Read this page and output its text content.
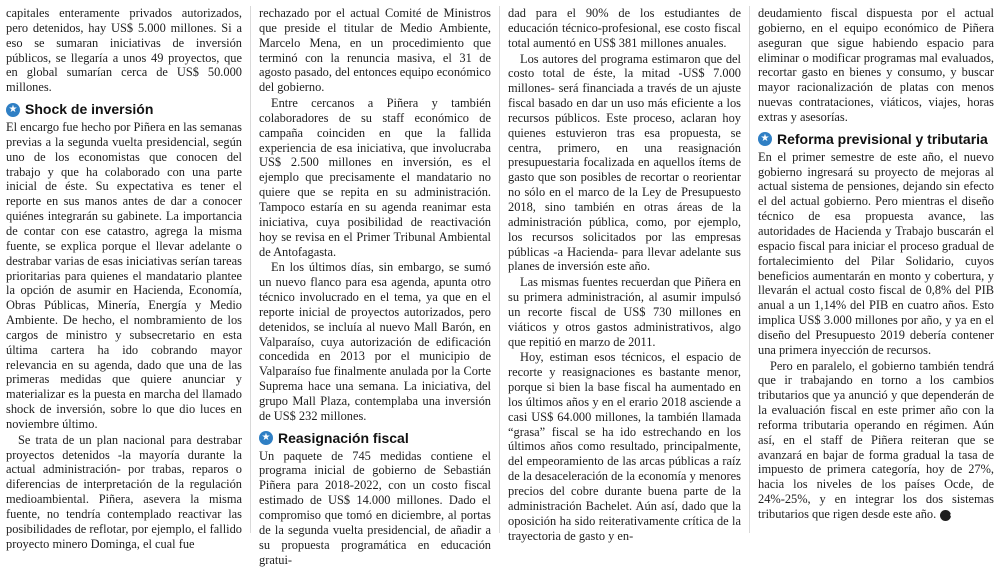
capitales enteramente privados autorizados, pero detenidos, hay US$ 5.000 millones. Si a eso se sumaran iniciativas de inversión públicos, se llegaría a unos 49 proyectos, que en global sumarían cerca de US$ 50.000 millones.

★ Shock de inversión

El encargo fue hecho por Piñera en las semanas previas a la segunda vuelta presidencial, según uno de los economistas que conocen del trabajo y que ha colaborado con una parte inicial de éste. Su expectativa es tener el reporte en sus manos antes de dar a conocer quiénes integrarán su gabinete. La importancia de contar con ese catastro, agrega la misma fuente, se explica porque el llevar adelante o destrabar varias de esas iniciativas serían tareas prioritarias para quienes el mandatario plantee la opción de asumir en Hacienda, Economía, Obras Públicas, Minería, Energía y Medio Ambiente. De hecho, el nombramiento de los cargos de ministro y subsecretario en esta última cartera ha ido cobrando mayor relevancia en su agenda, dado que una de las primeras medidas que quiere anunciar y materializar es la puesta en marcha del llamado shock de inversión, sobre lo que dio luces en noviembre último.

Se trata de un plan nacional para destrabar proyectos detenidos -la mayoría durante la actual administración- por trabas, reparos o diferencias de interpretación de la regulación medioambiental. Piñera, asevera la misma fuente, no tendría contemplado reactivar las posibilidades de reflotar, por ejemplo, el fallido proyecto minero Dominga, el cual fue

rechazado por el actual Comité de Ministros que preside el titular de Medio Ambiente, Marcelo Mena, en un procedimiento que terminó con la renuncia masiva, el 31 de agosto pasado, del entonces equipo económico del gobierno.

Entre cercanos a Piñera y también colaboradores de su staff económico de campaña coinciden en que la fallida experiencia de esa iniciativa, que involucraba US$ 2.500 millones en inversión, es el ejemplo que precisamente el mandatario no quiere que se repita en su administración. Tampoco estaría en su agenda reanimar esta iniciativa, cuya posibilidad de reactivación hoy se revisa en el Primer Tribunal Ambiental de Antofagasta.

En los últimos días, sin embargo, se sumó un nuevo flanco para esa agenda, apunta otro técnico involucrado en el tema, ya que en el reporte inicial de proyectos autorizados, pero detenidos, se incluía al nuevo Mall Barón, en Valparaíso, cuya autorización de edificación concedida en 2013 por el municipio de Valparaíso fue finalmente anulada por la Corte Suprema hace una semana. La iniciativa, del grupo Mall Plaza, contemplaba una inversión de US$ 232 millones.

★ Reasignación fiscal

Un paquete de 745 medidas contiene el programa inicial de gobierno de Sebastián Piñera para 2018-2022, con un costo fiscal estimado de US$ 14.000 millones. Dado el compromiso que tomó en diciembre, al portas de la segunda vuelta presidencial, de añadir a su propuesta programática en educación gratui-

dad para el 90% de los estudiantes de educación técnico-profesional, ese costo fiscal total aumentó en US$ 381 millones anuales.

Los autores del programa estimaron que del costo total de éste, la mitad -US$ 7.000 millones- será financiada a través de un ajuste fiscal basado en dar un uso más eficiente a los recursos públicos. Este proceso, aclaran hoy quienes estuvieron tras esa propuesta, se centra, primero, en una reasignación presupuestaria focalizada en aquellos ítems de gasto que son posibles de recortar o reorientar no sólo en el marco de la Ley de Presupuesto 2018, sino también en otras áreas de la administración pública, como, por ejemplo, los recursos solicitados por las empresas públicas -a Hacienda- para llevar adelante sus planes de inversión este año.

Las mismas fuentes recuerdan que Piñera en su primera administración, al asumir impulsó un recorte fiscal de US$ 730 millones en viáticos y otros gastos administrativos, algo que repitió en marzo de 2011.

Hoy, estiman esos técnicos, el espacio de recorte y reasignaciones es bastante menor, porque si bien la base fiscal ha aumentado en los últimos años y en el erario 2018 asciende a casi US$ 64.000 millones, la también llamada “grasa” fiscal se ha ido estrechando en los últimos años como resultado, principalmente, del empeoramiento de las arcas públicas a raíz de la desaceleración de la economía y menores precios del cobre durante buena parte de la administración Bachelet. Aún así, dado que la oposición ha sido reiterativamente crítica de la trayectoria de gasto y en-

deudamiento fiscal dispuesta por el actual gobierno, en el equipo económico de Piñera aseguran que sigue habiendo espacio para eliminar o modificar programas mal evaluados, recortar gasto en bienes y consumo, y buscar mayor racionalización de platas con menos nuevas contrataciones, viáticos, viajes, horas extras y asesorías.

★ Reforma previsional y tributaria

En el primer semestre de este año, el nuevo gobierno ingresará su proyecto de mejoras al actual sistema de pensiones, dejando sin efecto el del actual gobierno. Pero mientras el diseño técnico de esa propuesta avance, las autoridades de Hacienda y Trabajo buscarán el espacio fiscal para iniciar el proceso gradual de fortalecimiento del Pilar Solidario, cuyos beneficios aumentarán en monto y cobertura, y llevarán el actual costo fiscal de 0,8% del PIB anual a un 1,14% del PIB en cuatro años. Esto implica US$ 3.000 millones por año, y ya en el diseño del Presupuesto 2019 debería contener una primera inyección de recursos.

Pero en paralelo, el gobierno también tendrá que ir trabajando en torno a los cambios tributarios que ya anunció y que dependerán de la evaluación fiscal en este primer año con la reforma tributaria operando en régimen. Aún así, en el staff de Piñera reiteran que se avanzará en bajar de forma gradual la tasa de impuesto de primera categoría, hoy de 27%, hacia los niveles de los países Ocde, de 24%-25%, y en integrar los dos sistemas tributarios que rigen desde este año. ●
